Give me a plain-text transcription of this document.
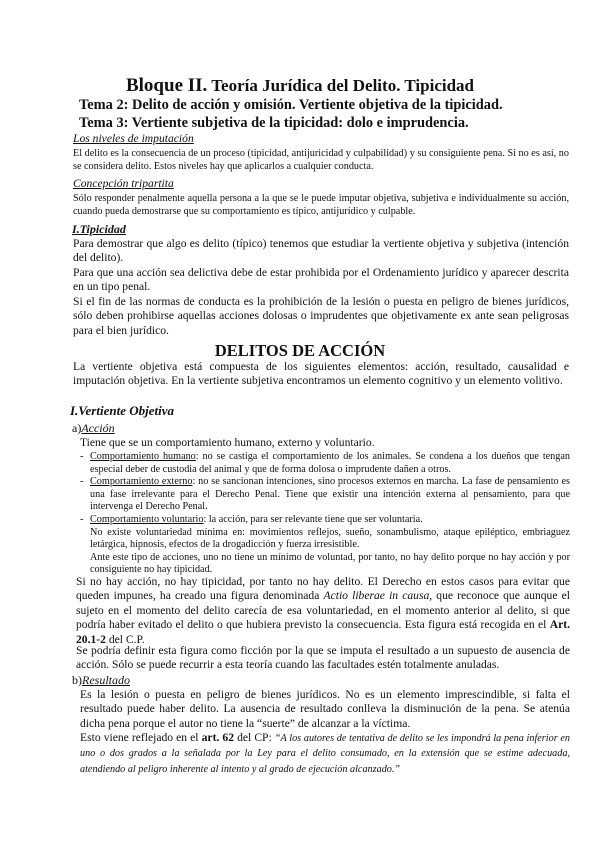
Bloque II. Teoría Jurídica del Delito. Tipicidad
Tema 2: Delito de acción y omisión. Vertiente objetiva de la tipicidad.
Tema 3: Vertiente subjetiva de la tipicidad: dolo e imprudencia.
Los niveles de imputación
El delito es la consecuencia de un proceso (tipicidad, antijuricidad y culpabilidad) y su consiguiente pena. Si no es así, no se considera delito. Estos niveles hay que aplicarlos a cualquier conducta.
Concepción tripartita
Sólo responder penalmente aquella persona a la que se le puede imputar objetiva, subjetiva e individualmente su acción, cuando pueda demostrarse que su comportamiento es típico, antijurídico y culpable.
I.Tipicidad
Para demostrar que algo es delito (típico) tenemos que estudiar la vertiente objetiva y subjetiva (intención del delito).
Para que una acción sea delictiva debe de estar prohibida por el Ordenamiento jurídico y aparecer descrita en un tipo penal.
Si el fin de las normas de conducta es la prohibición de la lesión o puesta en peligro de bienes jurídicos, sólo deben prohibirse aquellas acciones dolosas o imprudentes que objetivamente ex ante sean peligrosas para el bien jurídico.
DELITOS DE ACCIÓN
La vertiente objetiva está compuesta de los siguientes elementos: acción, resultado, causalidad e imputación objetiva. En la vertiente subjetiva encontramos un elemento cognitivo y un elemento volitivo.
I.Vertiente Objetiva
a)Acción
Tiene que se un comportamiento humano, externo y voluntario.
- Comportamiento humano: no se castiga el comportamiento de los animales. Se condena a los dueños que tengan especial deber de custodia del animal y que de forma dolosa o imprudente dañen a otros.
- Comportamiento externo: no se sancionan intenciones, sino procesos externos en marcha. La fase de pensamiento es una fase irrelevante para el Derecho Penal. Tiene que existir una intención externa al pensamiento, para que intervenga el Derecho Penal.
- Comportamiento voluntario: la acción, para ser relevante tiene que ser voluntaria.
No existe voluntariedad mínima en: movimientos reflejos, sueño, sonambulismo, ataque epiléptico, embriaguez letárgica, hipnosis, efectos de la drogadicción y fuerza irresistible.
Ante este tipo de acciones, uno no tiene un mínimo de voluntad, por tanto, no hay delito porque no hay acción y por consiguiente no hay tipicidad.
Si no hay acción, no hay tipicidad, por tanto no hay delito. El Derecho en estos casos para evitar que queden impunes, ha creado una figura denominada Actio liberae in causa, que reconoce que aunque el sujeto en el momento del delito carecía de esa voluntariedad, en el momento anterior al delito, si que podría haber evitado el delito o que hubiera previsto la consecuencia. Esta figura está recogida en el Art. 20.1-2 del C.P.
Se podría definir esta figura como ficción por la que se imputa el resultado a un supuesto de ausencia de acción. Sólo se puede recurrir a esta teoría cuando las facultades estén totalmente anuladas.
b)Resultado
Es la lesión o puesta en peligro de bienes jurídicos. No es un elemento imprescindible, si falta el resultado puede haber delito. La ausencia de resultado conlleva la disminución de la pena. Se atenúa dicha pena porque el autor no tiene la “suerte” de alcanzar a la víctima.
Esto viene reflejado en el art. 62 del CP: “A los autores de tentativa de delito se les impondrá la pena inferior en uno o dos grados a la señalada por la Ley para el delito consumado, en la extensión que se estime adecuada, atendiendo al peligro inherente al intento y al grado de ejecución alcanzado.”
